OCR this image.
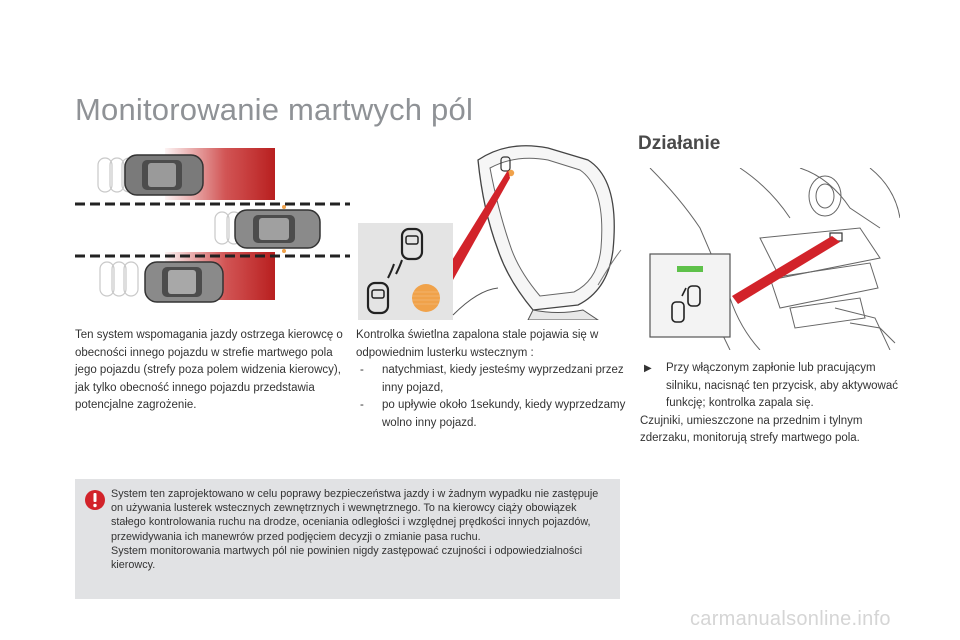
Monitorowanie martwych pól
Działanie

Ten system wspomagania jazdy ostrzega kierowcę o obecności innego pojazdu w strefie martwego pola jego pojazdu (strefy poza polem widzenia kierowcy), jak tylko obecność innego pojazdu przedstawia potencjalne zagrożenie.

Kontrolka świetlna zapalona stale pojawia się w odpowiednim lusterku wstecznym :

- natychmiast, kiedy jesteśmy wyprzedzani przez inny pojazd,
- po upływie około 1sekundy, kiedy wyprzedzamy wolno inny pojazd.

▶ Przy włączonym zapłonie lub pracującym silniku, nacisnąć ten przycisk, aby aktywować funkcję; kontrolka zapala się.

Czujniki, umieszczone na przednim i tylnym zderzaku, monitorują strefy martwego pola.

System ten zaprojektowano w celu poprawy bezpieczeństwa jazdy i w żadnym wypadku nie zastępuje on używania lusterek wstecznych zewnętrznych i wewnętrznego. To na kierowcy ciąży obowiązek stałego kontrolowania ruchu na drodze, oceniania odległości i względnej prędkości innych pojazdów, przewidywania ich manewrów przed podjęciem decyzji o zmianie pasa ruchu.
System monitorowania martwych pól nie powinien nigdy zastępować czujności i odpowiedzialności kierowcy.
carmanualsonline.info
